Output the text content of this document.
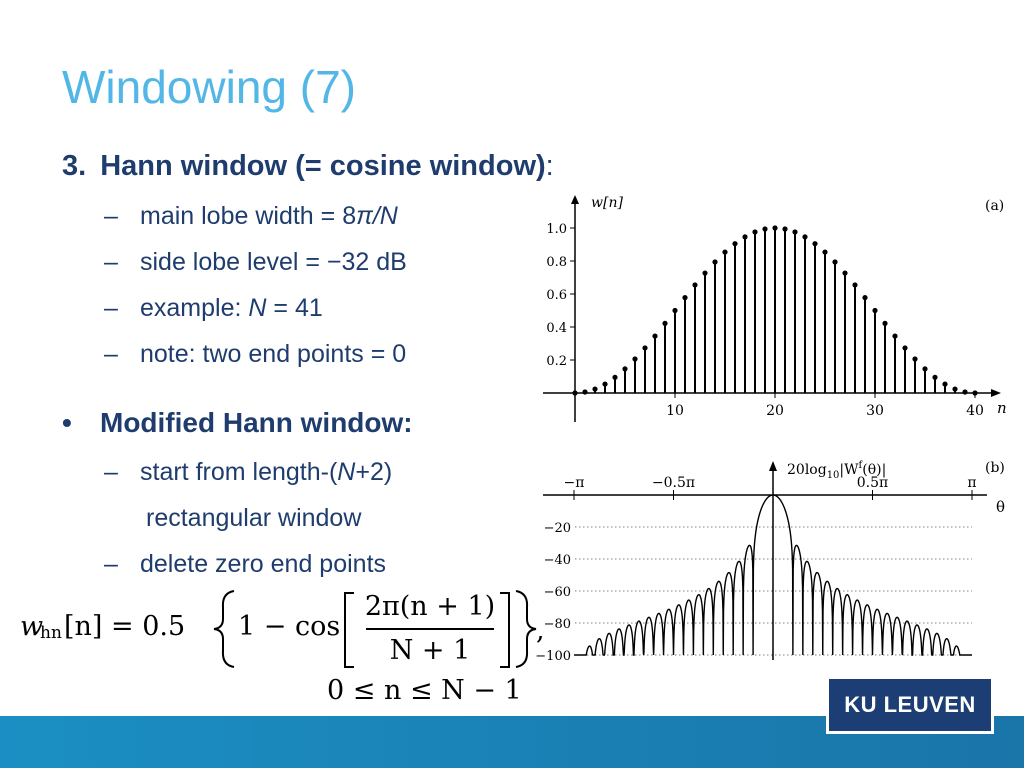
Windowing (7)
3. Hann window (= cosine window):
– main lobe width = 8π/N
– side lobe level = −32 dB
– example: N = 41
– note: two end points = 0
• Modified Hann window:
– start from length-(N+2)
rectangular window
– delete zero end points
w
hn [n] = 0.5 1 − cos
2π(n + 1)
N + 1
,
0 ≤ n ≤ N − 1
w[n]	(a)
n
10	20	30	40
0.2
0.4
0.6
0.8
1.0
$20\log_{10}|W^f(\theta)|$	(b)
θ
−20
−40
−60
−80
−100
−π	−0.5π	0.5π	π
KU LEUVEN
